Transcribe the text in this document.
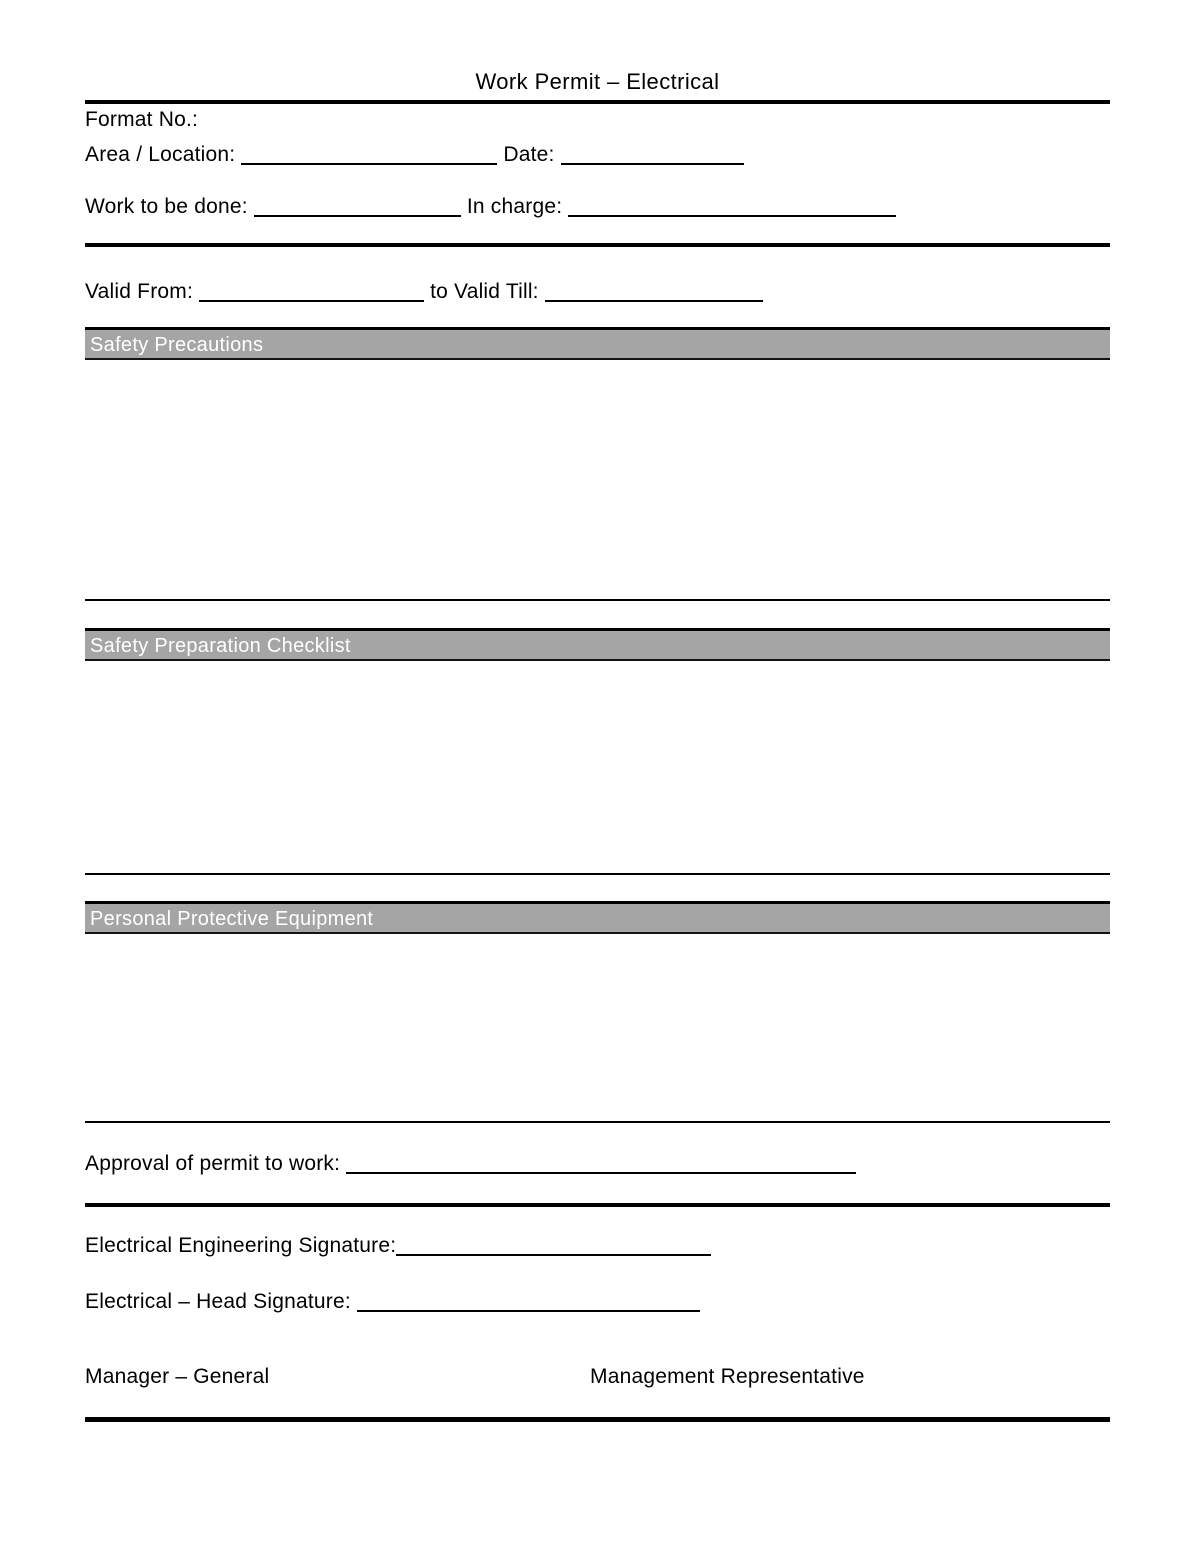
Work Permit – Electrical
Format No.:
Area / Location:	Date:
Work to be done:	In charge:
Valid From:	to Valid Till:
Safety Precautions
Safety Preparation Checklist
Personal Protective Equipment
Approval of permit to work:
Electrical Engineering Signature:
Electrical – Head Signature:
Manager – General	Management Representative
